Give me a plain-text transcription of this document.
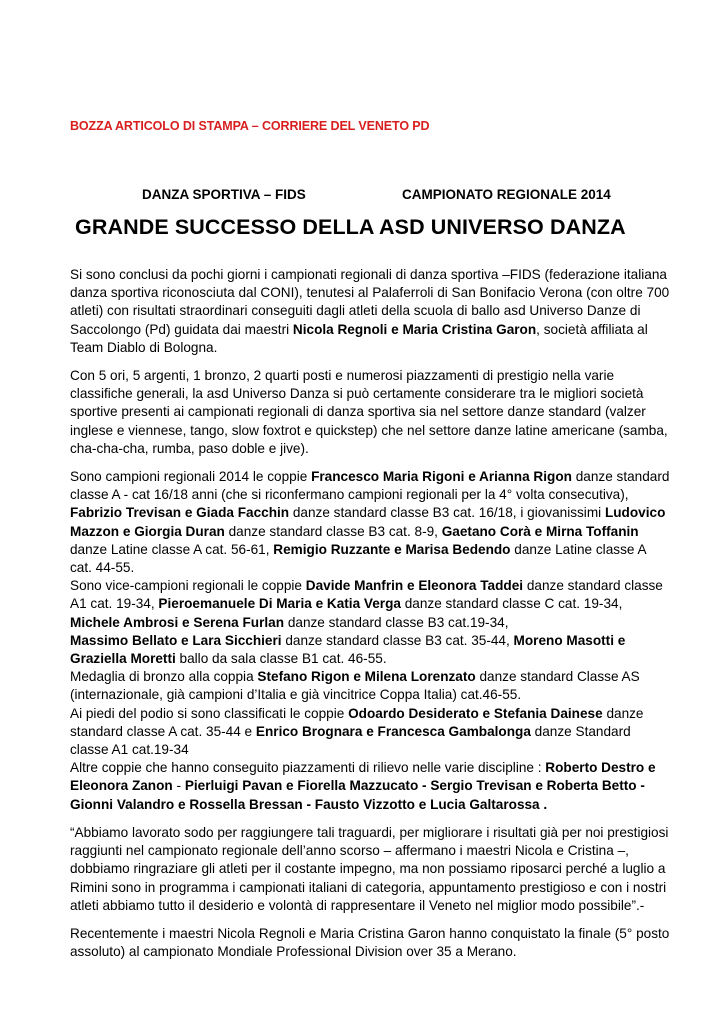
BOZZA ARTICOLO DI STAMPA – CORRIERE DEL VENETO PD
DANZA SPORTIVA – FIDS	CAMPIONATO REGIONALE 2014
GRANDE SUCCESSO DELLA ASD UNIVERSO DANZA

Si sono conclusi da pochi giorni i campionati regionali di danza sportiva –FIDS (federazione italiana danza sportiva riconosciuta dal CONI), tenutesi al Palaferroli di San Bonifacio Verona (con oltre 700 atleti) con risultati straordinari conseguiti dagli atleti della scuola di ballo asd Universo Danze di Saccolongo (Pd) guidata dai maestri Nicola Regnoli e Maria Cristina Garon, società affiliata al Team Diablo di Bologna.

Con 5 ori, 5 argenti, 1 bronzo, 2 quarti posti e numerosi piazzamenti di prestigio nella varie classifiche generali, la asd Universo Danza si può certamente considerare tra le migliori società sportive presenti ai campionati regionali di danza sportiva sia nel settore danze standard (valzer inglese e viennese, tango, slow foxtrot e quickstep) che nel settore danze latine americane (samba, cha-cha-cha, rumba, paso doble e jive).

Sono campioni regionali 2014 le coppie Francesco Maria Rigoni e Arianna Rigon danze standard classe A - cat 16/18 anni (che si riconfermano campioni regionali per la 4° volta consecutiva), Fabrizio Trevisan e Giada Facchin danze standard classe B3 cat. 16/18, i giovanissimi Ludovico Mazzon e Giorgia Duran danze standard classe B3 cat. 8-9, Gaetano Corà e Mirna Toffanin danze Latine classe A cat. 56-61, Remigio Ruzzante e Marisa Bedendo danze Latine classe A cat. 44-55.

Sono vice-campioni regionali le coppie Davide Manfrin e Eleonora Taddei danze standard classe A1 cat. 19-34, Pieroemanuele Di Maria e Katia Verga danze standard classe C cat. 19-34, Michele Ambrosi e Serena Furlan danze standard classe B3 cat.19-34,

Massimo Bellato e Lara Sicchieri danze standard classe B3 cat. 35-44, Moreno Masotti e Graziella Moretti ballo da sala classe B1 cat. 46-55.

Medaglia di bronzo alla coppia Stefano Rigon e Milena Lorenzato danze standard Classe AS (internazionale, già campioni d’Italia e già vincitrice Coppa Italia) cat.46-55.

Ai piedi del podio si sono classificati le coppie Odoardo Desiderato e Stefania Dainese danze standard classe A cat. 35-44 e Enrico Brognara e Francesca Gambalonga danze Standard classe A1 cat.19-34

Altre coppie che hanno conseguito piazzamenti di rilievo nelle varie discipline : Roberto Destro e Eleonora Zanon - Pierluigi Pavan e Fiorella Mazzucato - Sergio Trevisan e Roberta Betto - Gionni Valandro e Rossella Bressan - Fausto Vizzotto e Lucia Galtarossa .

“Abbiamo lavorato sodo per raggiungere tali traguardi, per migliorare i risultati già per noi prestigiosi raggiunti nel campionato regionale dell’anno scorso – affermano i maestri Nicola e Cristina –, dobbiamo ringraziare gli atleti per il costante impegno, ma non possiamo riposarci perché a luglio a Rimini sono in programma i campionati italiani di categoria, appuntamento prestigioso e con i nostri atleti abbiamo tutto il desiderio e volontà di rappresentare il Veneto nel miglior modo possibile”.-

Recentemente i maestri Nicola Regnoli e Maria Cristina Garon hanno conquistato la finale (5° posto assoluto) al campionato Mondiale Professional Division over 35 a Merano.
